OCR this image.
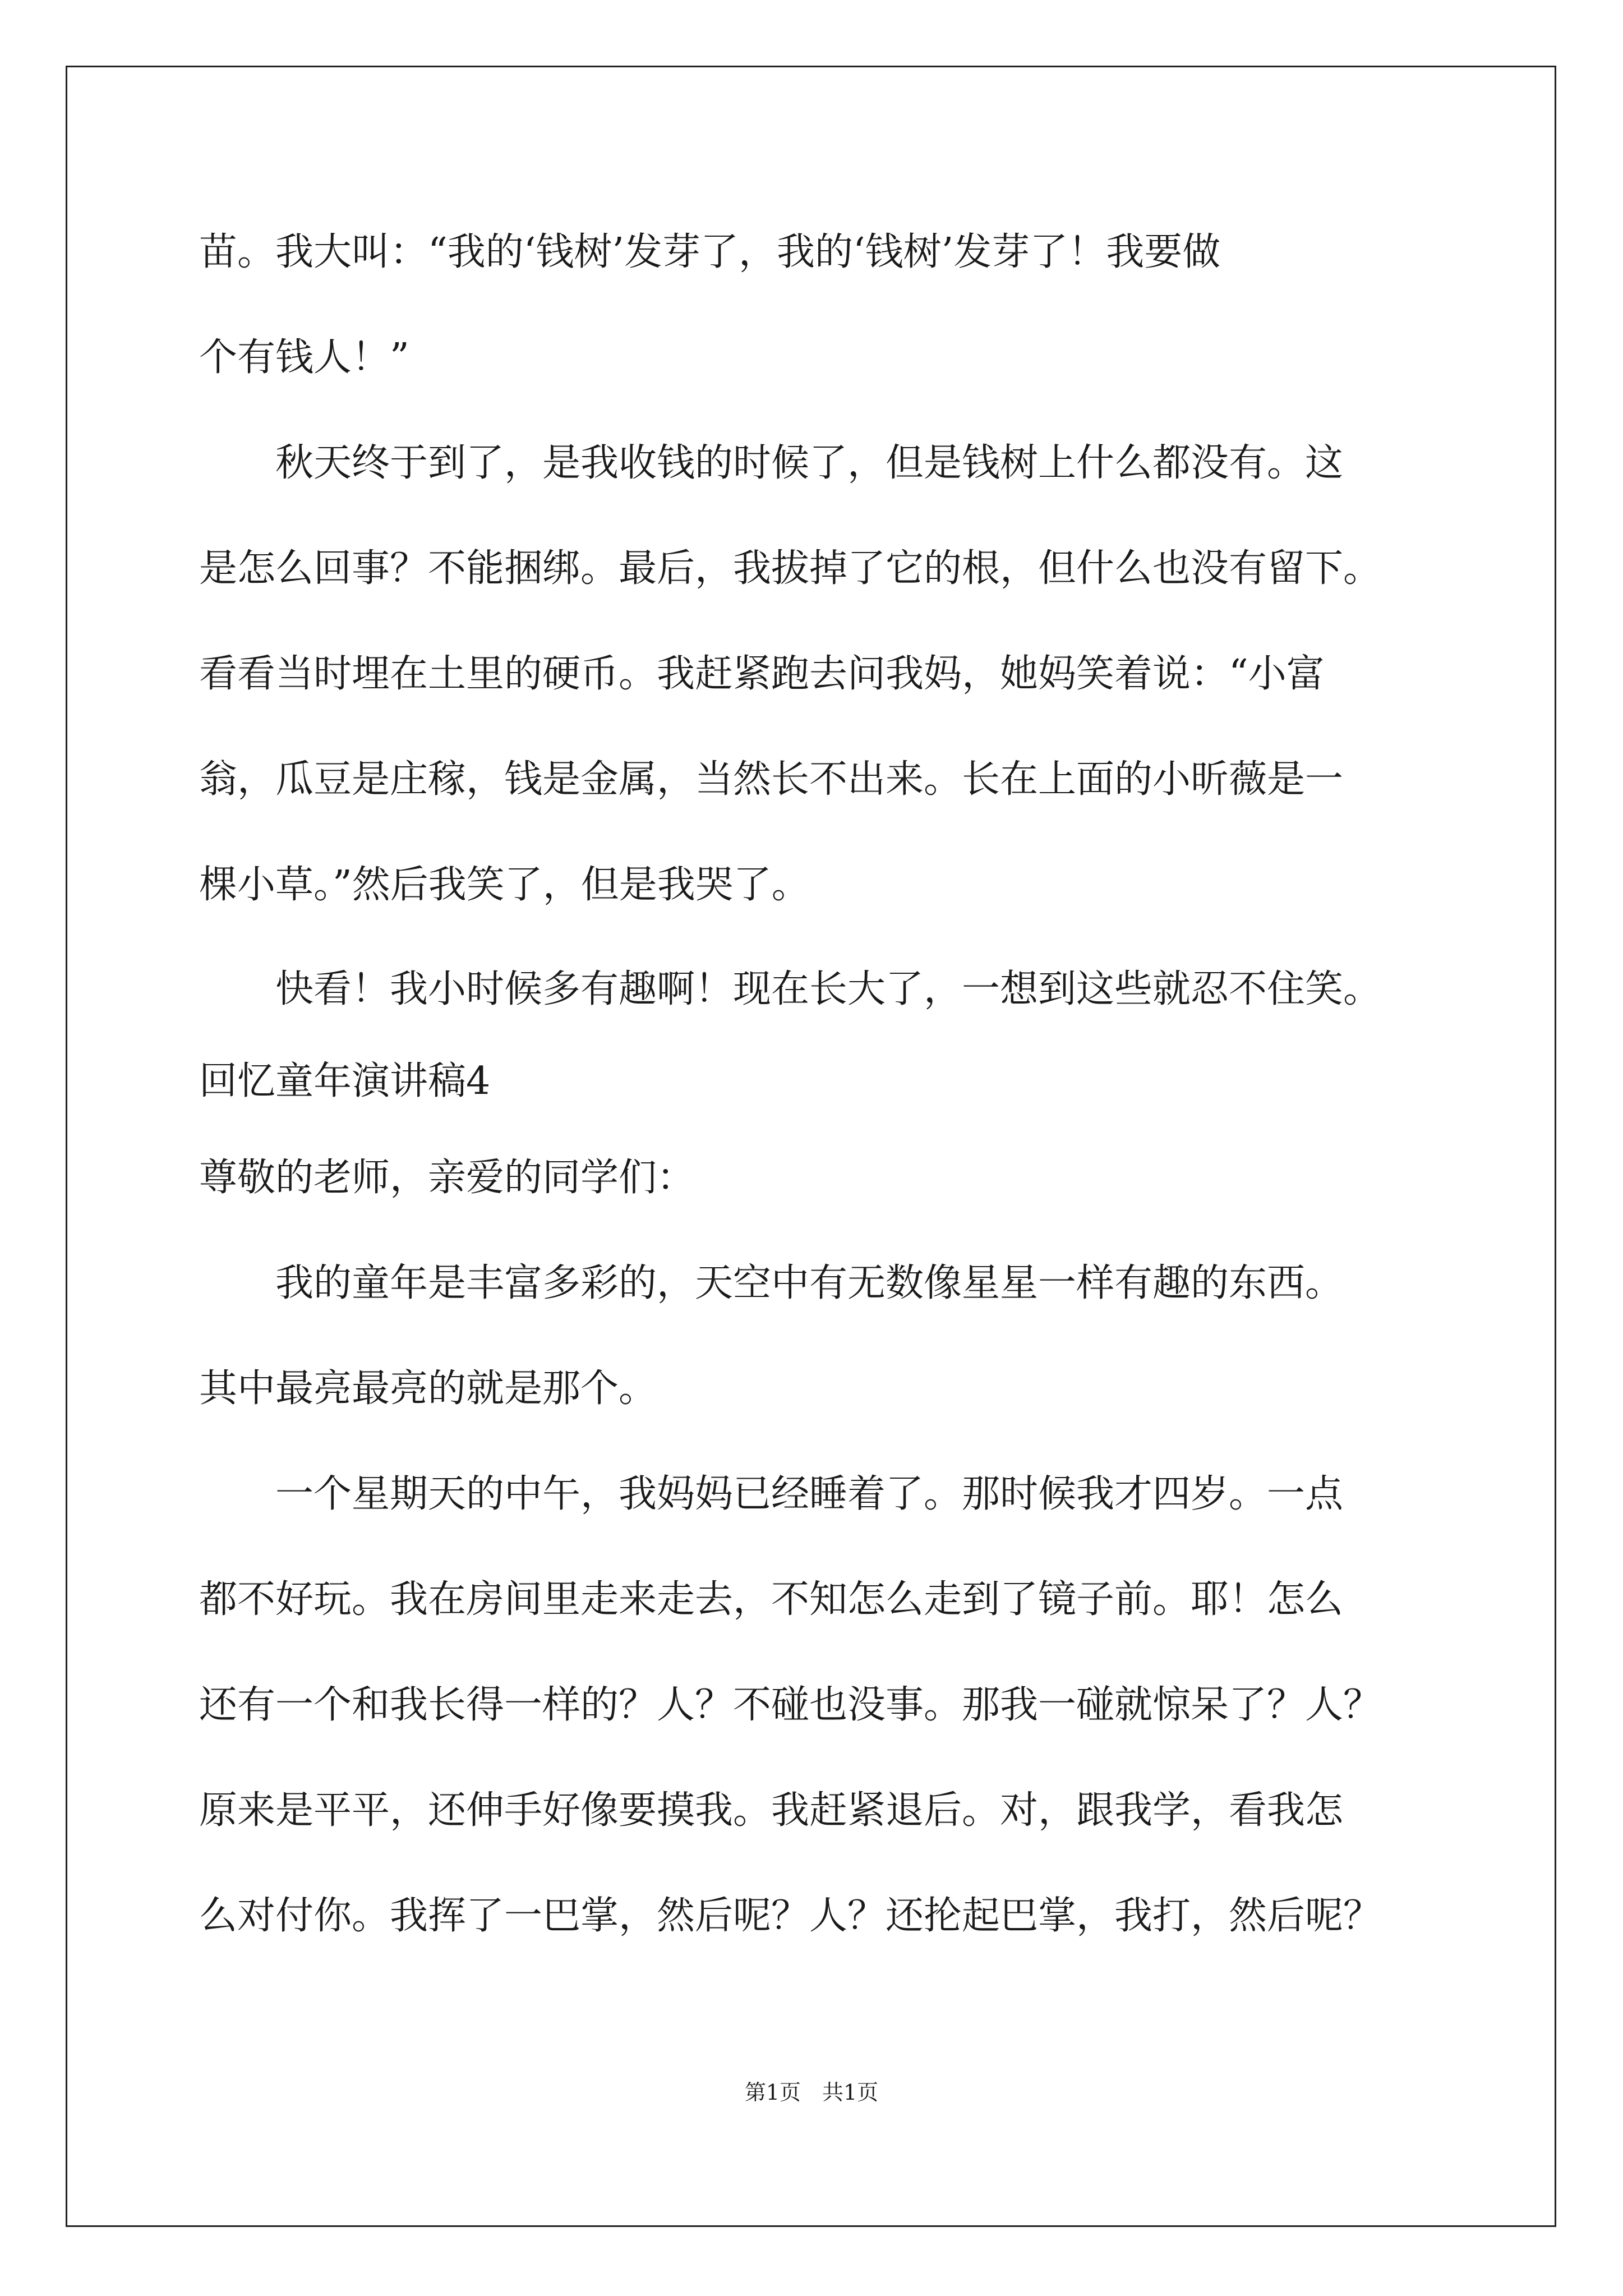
苗。我大叫：“我的‘钱树’发芽了，我的‘钱树’发芽了！我要做
个有钱人！”
　　秋天终于到了，是我收钱的时候了，但是钱树上什么都没有。这
是怎么回事？不能捆绑。最后，我拔掉了它的根，但什么也没有留下。
看看当时埋在土里的硬币。我赶紧跑去问我妈，她妈笑着说：“小富
翁，瓜豆是庄稼，钱是金属，当然长不出来。长在上面的小昕薇是一
棵小草。”然后我笑了，但是我哭了。
　　快看！我小时候多有趣啊！现在长大了，一想到这些就忍不住笑。
回忆童年演讲稿4
尊敬的老师，亲爱的同学们：
　　我的童年是丰富多彩的，天空中有无数像星星一样有趣的东西。
其中最亮最亮的就是那个。
　　一个星期天的中午，我妈妈已经睡着了。那时候我才四岁。一点
都不好玩。我在房间里走来走去，不知怎么走到了镜子前。耶！怎么
还有一个和我长得一样的？人？不碰也没事。那我一碰就惊呆了？人？
原来是平平，还伸手好像要摸我。我赶紧退后。对，跟我学，看我怎
么对付你。我挥了一巴掌，然后呢？人？还抡起巴掌，我打，然后呢？
第1页　共1页
